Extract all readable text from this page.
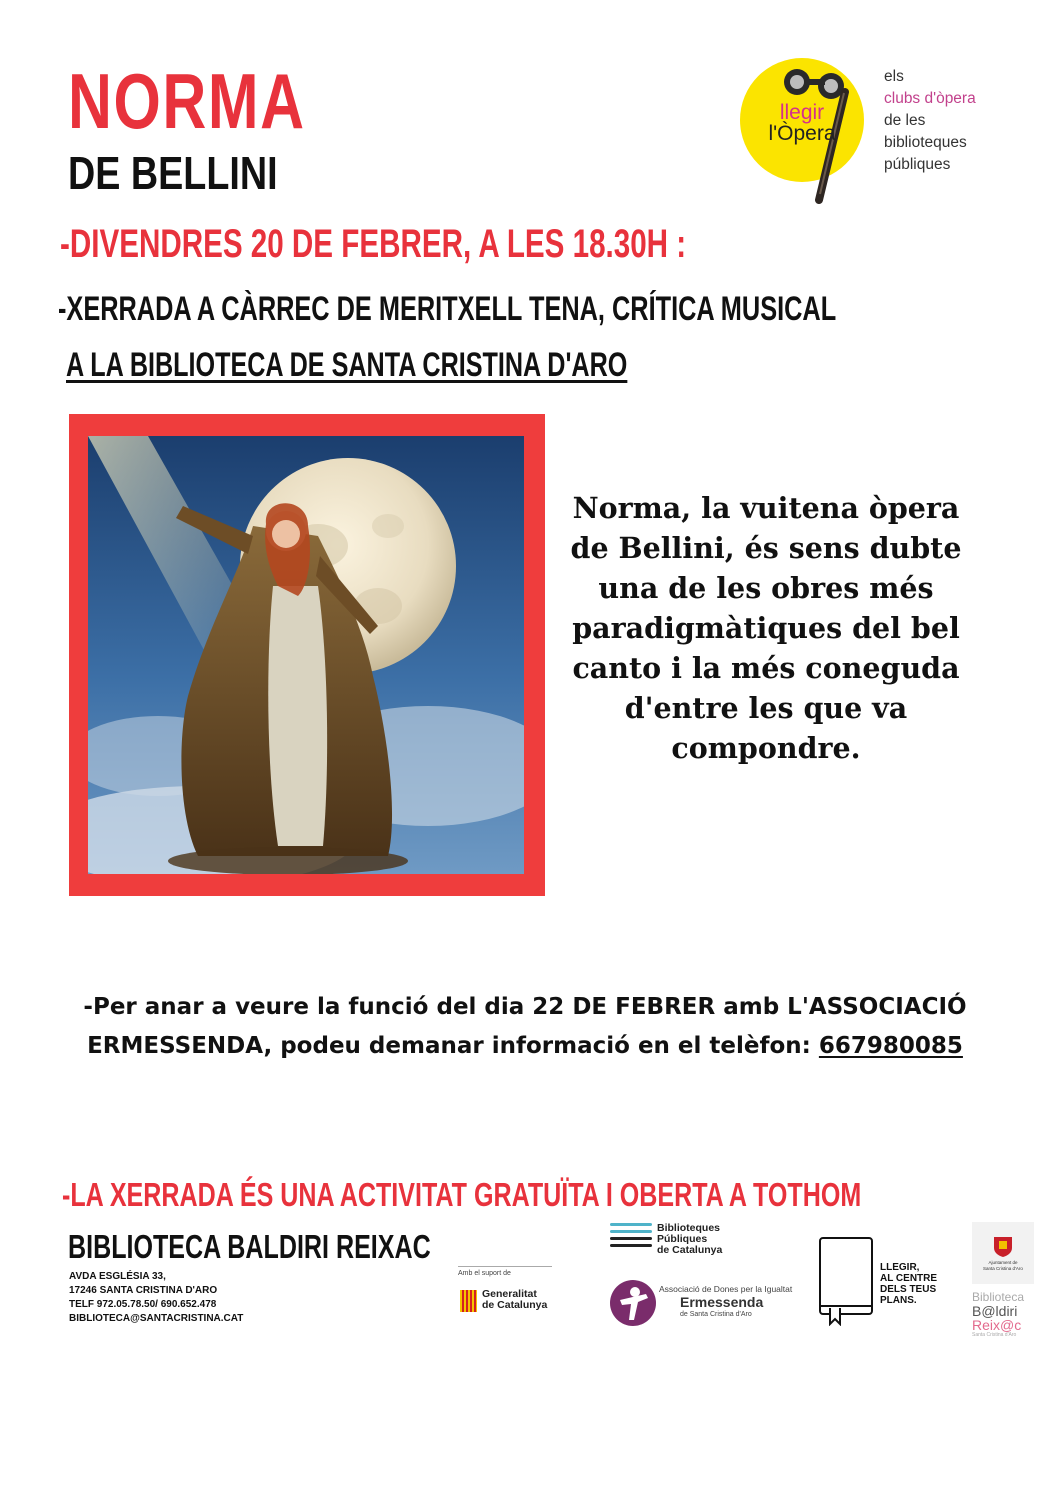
NORMA
DE BELLINI
-DIVENDRES 20 DE FEBRER, A LES 18.30H :
-XERRADA A CÀRREC DE MERITXELL TENA, CRÍTICA MUSICAL
A LA BIBLIOTECA DE SANTA CRISTINA D'ARO
llegir
l'Òpera
els
clubs d'òpera
de les
biblioteques
públiques
Norma, la vuitena òpera de Bellini, és sens dubte una de les obres més paradigmàtiques del bel canto i la més coneguda d'entre les que va compondre.
-Per anar a veure la funció del dia 22 DE FEBRER amb L'ASSOCIACIÓ ERMESSENDA, podeu demanar informació en el telèfon: 667980085
-LA XERRADA ÉS UNA ACTIVITAT GRATUÏTA I OBERTA A TOTHOM
BIBLIOTECA BALDIRI REIXAC
AVDA ESGLÉSIA 33,
17246 SANTA CRISTINA D'ARO
TELF 972.05.78.50/ 690.652.478
BIBLIOTECA@SANTACRISTINA.CAT
Amb el suport de
Generalitat
de Catalunya
Biblioteques
Públiques
de Catalunya
Associació de Dones per la Igualtat
Ermessenda
de Santa Cristina d'Aro
LLEGIR,
AL CENTRE
DELS TEUS
PLANS.
Ajuntament de
Santa Cristina d'Aro
Biblioteca
B@ldiri
Reix@c
Santa Cristina d'Aro
